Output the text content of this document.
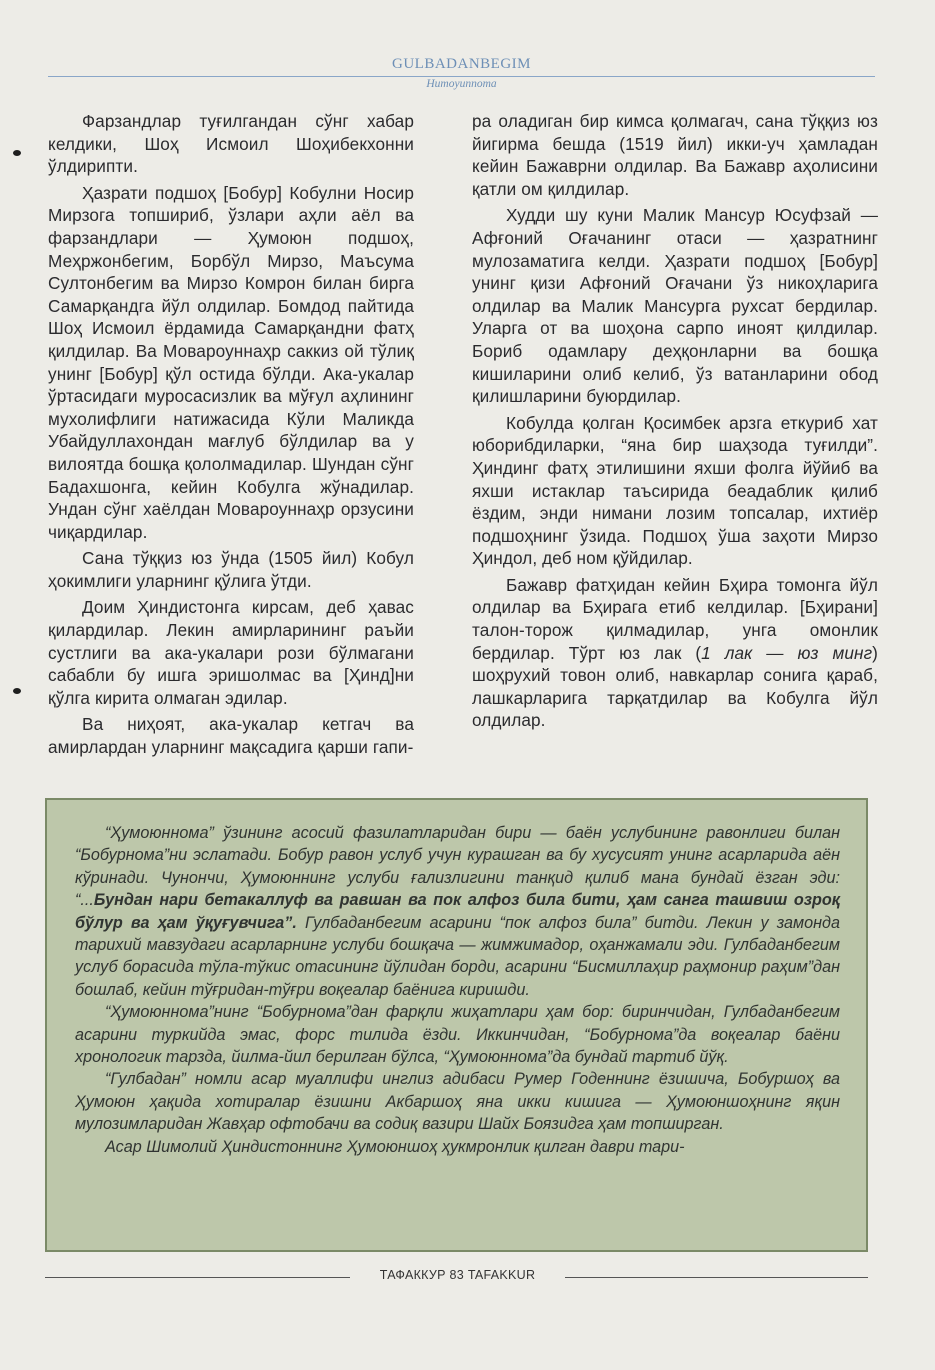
GULBADANBEGIM
Humoyunnoma

Фарзандлар туғилгандан сўнг хабар келдики, Шоҳ Исмоил Шоҳибекхонни ўлдирипти.

Ҳазрати подшоҳ [Бобур] Кобулни Носир Мирзога топшириб, ўзлари аҳли аёл ва фарзандлари — Ҳумоюн подшоҳ, Меҳржонбегим, Борбўл Мирзо, Маъсума Султонбегим ва Мирзо Комрон билан бирга Самарқандга йўл олдилар. Бомдод пайтида Шоҳ Исмоил ёрдамида Самарқандни фатҳ қилдилар. Ва Мовароуннаҳр саккиз ой тўлиқ унинг [Бобур] қўл остида бўлди. Ака-укалар ўртасидаги муросасизлик ва мўғул аҳлининг мухолифлиги натижасида Кўли Маликда Убайдуллахондан мағлуб бўлдилар ва у вилоятда бошқа қололмадилар. Шундан сўнг Бадахшонга, кейин Кобулга жўнадилар. Ундан сўнг хаёлдан Мовароуннаҳр орзусини чиқардилар.

Сана тўққиз юз ўнда (1505 йил) Кобул ҳокимлиги уларнинг қўлига ўтди.

Доим Ҳиндистонга кирсам, деб ҳавас қилардилар. Лекин амирларининг раъйи сустлиги ва ака-укалари рози бўлмагани сабабли бу ишга эришолмас ва [Ҳинд]ни қўлга кирита олмаган эдилар.

Ва ниҳоят, ака-укалар кетгач ва амирлардан уларнинг мақсадига қарши гапи-

ра оладиган бир кимса қолмагач, сана тўққиз юз йигирма бешда (1519 йил) икки-уч ҳамладан кейин Бажаврни олдилар. Ва Бажавр аҳолисини қатли ом қилдилар.

Худди шу куни Малик Мансур Юсуфзай — Афғоний Оғачанинг отаси — ҳазратнинг мулозаматига келди. Ҳазрати подшоҳ [Бобур] унинг қизи Афғоний Оғачани ўз никоҳларига олдилар ва Малик Мансурга рухсат бердилар. Уларга от ва шоҳона сарпо иноят қилдилар. Бориб одамлару деҳқонларни ва бошқа кишиларини олиб келиб, ўз ватанларини обод қилишларини буюрдилар.

Кобулда қолган Қосимбек арзга еткуриб хат юборибдиларки, “яна бир шаҳзода туғилди”. Ҳиндинг фатҳ этилишини яхши фолга йўйиб ва яхши истаклар таъсирида беадаблик қилиб ёздим, энди нимани лозим топсалар, ихтиёр подшоҳнинг ўзида. Подшоҳ ўша заҳоти Мирзо Ҳиндол, деб ном қўйдилар.

Бажавр фатҳидан кейин Бҳира томонга йўл олдилар ва Бҳирага етиб келдилар. [Бҳирани] талон-торож қилмадилар, унга омонлик бердилар. Тўрт юз лак (1 лак — юз минг) шоҳрухий товон олиб, навкарлар сонига қараб, лашкарларига тарқатдилар ва Кобулга йўл олдилар.

“Ҳумоюннома” ўзининг асосий фазилатларидан бири — баён услубининг равонлиги билан “Бобурнома”ни эслатади. Бобур равон услуб учун курашган ва бу хусусият унинг асарларида аён кўринади. Чунончи, Ҳумоюннинг услуби ғализлигини танқид қилиб мана бундай ёзган эди: “...Бундан нари бетакаллуф ва равшан ва пок алфоз била бити, ҳам санга ташвиш озроқ бўлур ва ҳам ўқуғувчига”. Гулбаданбегим асарини “пок алфоз била” битди. Лекин у замонда тарихий мавзудаги асарларнинг услуби бошқача — жимжимадор, оҳанжамали эди. Гулбаданбегим услуб борасида тўла-тўкис отасининг йўлидан борди, асарини “Бисмиллаҳир раҳмонир раҳим”дан бошлаб, кейин тўғридан-тўғри воқеалар баёнига киришди.

“Ҳумоюннома”нинг “Бобурнома”дан фарқли жиҳатлари ҳам бор: биринчидан, Гулбаданбегим асарини туркийда эмас, форс тилида ёзди. Иккинчидан, “Бобурнома”да воқеалар баёни хронологик тарзда, йилма-йил берилган бўлса, “Ҳумоюннома”да бундай тартиб йўқ.

“Гулбадан” номли асар муаллифи инглиз адибаси Румер Годеннинг ёзишича, Бобуршоҳ ва Ҳумоюн ҳақида хотиралар ёзишни Акбаршоҳ яна икки кишига — Ҳумоюншоҳнинг яқин мулозимларидан Жавҳар офтобачи ва содиқ вазири Шайх Боязидга ҳам топширган.

Асар Шимолий Ҳиндистоннинг Ҳумоюншоҳ ҳукмронлик қилган даври тари-

ТАФАККУР 83 TAFAKKUR
